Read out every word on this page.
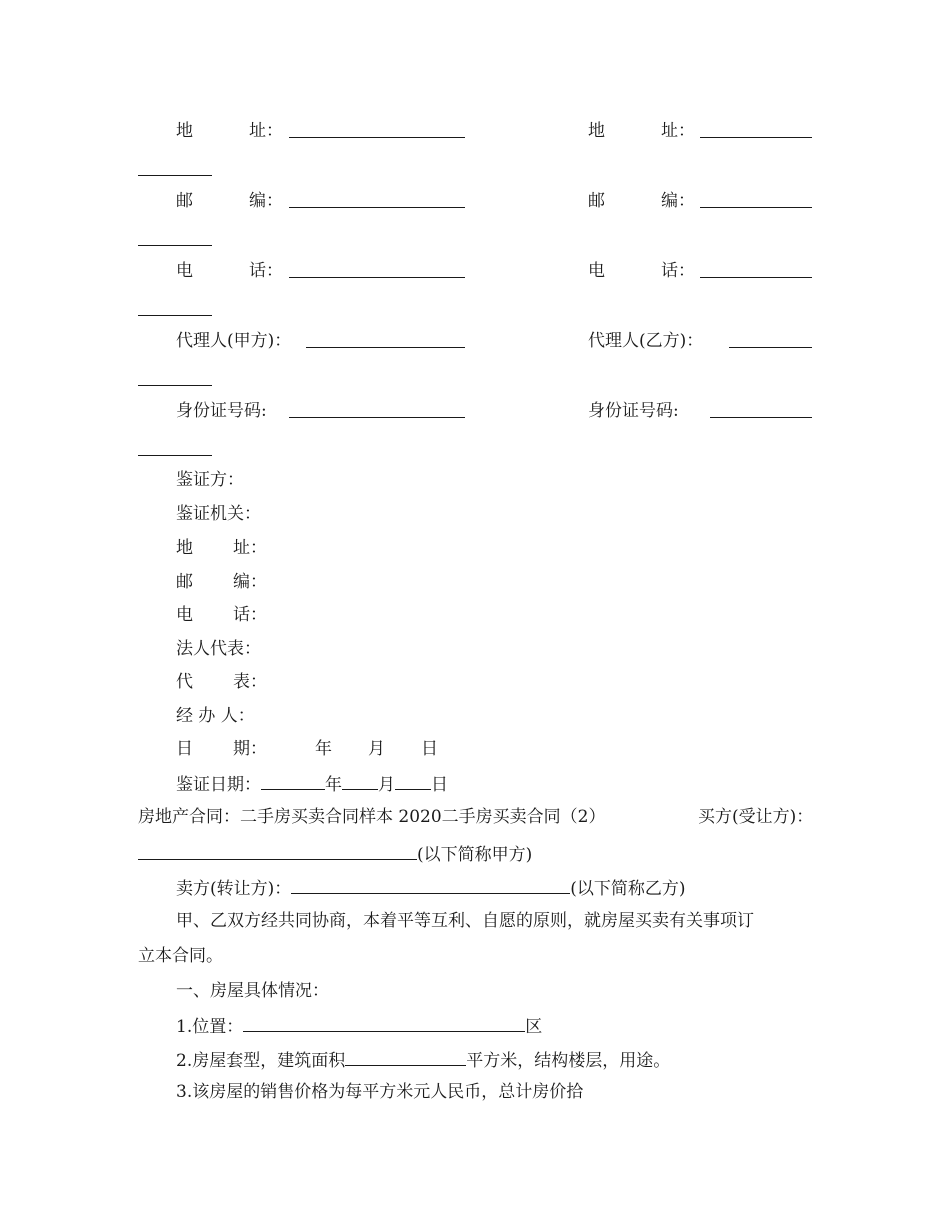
地	址：	地	址：
邮	编：	邮	编：
电	话：	电	话：
代理人(甲方)：	代理人(乙方)：
身份证号码:	身份证号码:
鉴证方：
鉴证机关：
地 址：
邮 编：
电 话：
法人代表：
代 表：
经 办 人：
日 期：	年 月 日
鉴证日期：	年 月 日
房地产合同：二手房买卖合同样本 2020二手房买卖合同（2）	买方(受让方)：
(以下简称甲方)
卖方(转让方)：	(以下简称乙方)
甲、乙双方经共同协商，本着平等互利、自愿的原则，就房屋买卖有关事项订
立本合同。
一、房屋具体情况：
1.位置：	区
2.房屋套型，建筑面积	平方米，结构楼层，用途。
3.该房屋的销售价格为每平方米元人民币，总计房价拾
